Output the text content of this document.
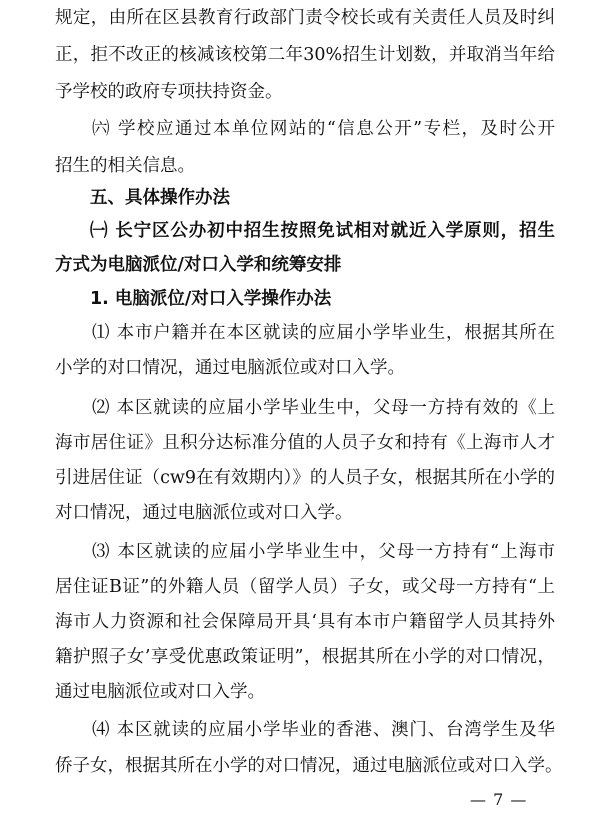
规定，由所在区县教育行政部门责令校长或有关责任人员及时纠
正，拒不改正的核减该校第二年30%招生计划数，并取消当年给
予学校的政府专项扶持资金。
㈥ 学校应通过本单位网站的“信息公开”专栏，及时公开
招生的相关信息。
五、具体操作办法
㈠ 长宁区公办初中招生按照免试相对就近入学原则，招生
方式为电脑派位/对口入学和统筹安排
1. 电脑派位/对口入学操作办法
⑴ 本市户籍并在本区就读的应届小学毕业生，根据其所在
小学的对口情况，通过电脑派位或对口入学。
⑵ 本区就读的应届小学毕业生中，父母一方持有效的《上
海市居住证》且积分达标准分值的人员子女和持有《上海市人才
引进居住证（cw9在有效期内）》的人员子女，根据其所在小学的
对口情况，通过电脑派位或对口入学。
⑶ 本区就读的应届小学毕业生中，父母一方持有“上海市
居住证B证”的外籍人员（留学人员）子女，或父母一方持有“上
海市人力资源和社会保障局开具‘具有本市户籍留学人员其持外
籍护照子女’享受优惠政策证明”，根据其所在小学的对口情况，
通过电脑派位或对口入学。
⑷ 本区就读的应届小学毕业的香港、澳门、台湾学生及华
侨子女，根据其所在小学的对口情况，通过电脑派位或对口入学。
— 7 —
